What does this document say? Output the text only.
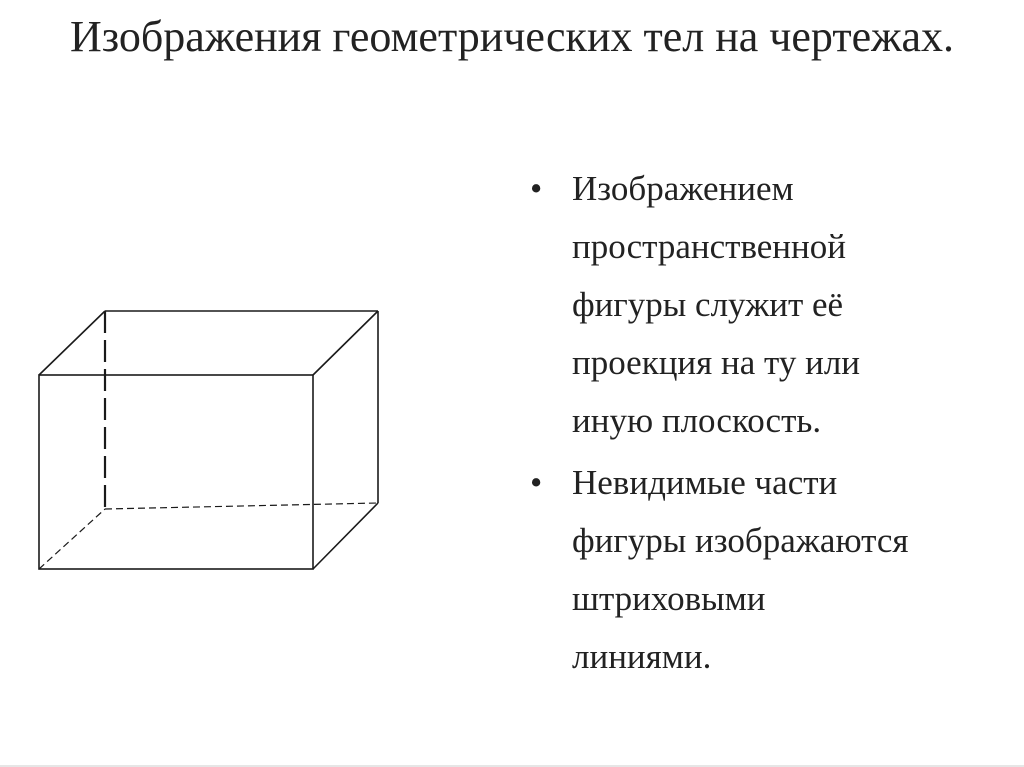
Изображения геометрических тел на чертежах.
• Изображением
пространственной
фигуры служит её
проекция на ту или
иную плоскость.
• Невидимые части
фигуры изображаются
штриховыми
линиями.
